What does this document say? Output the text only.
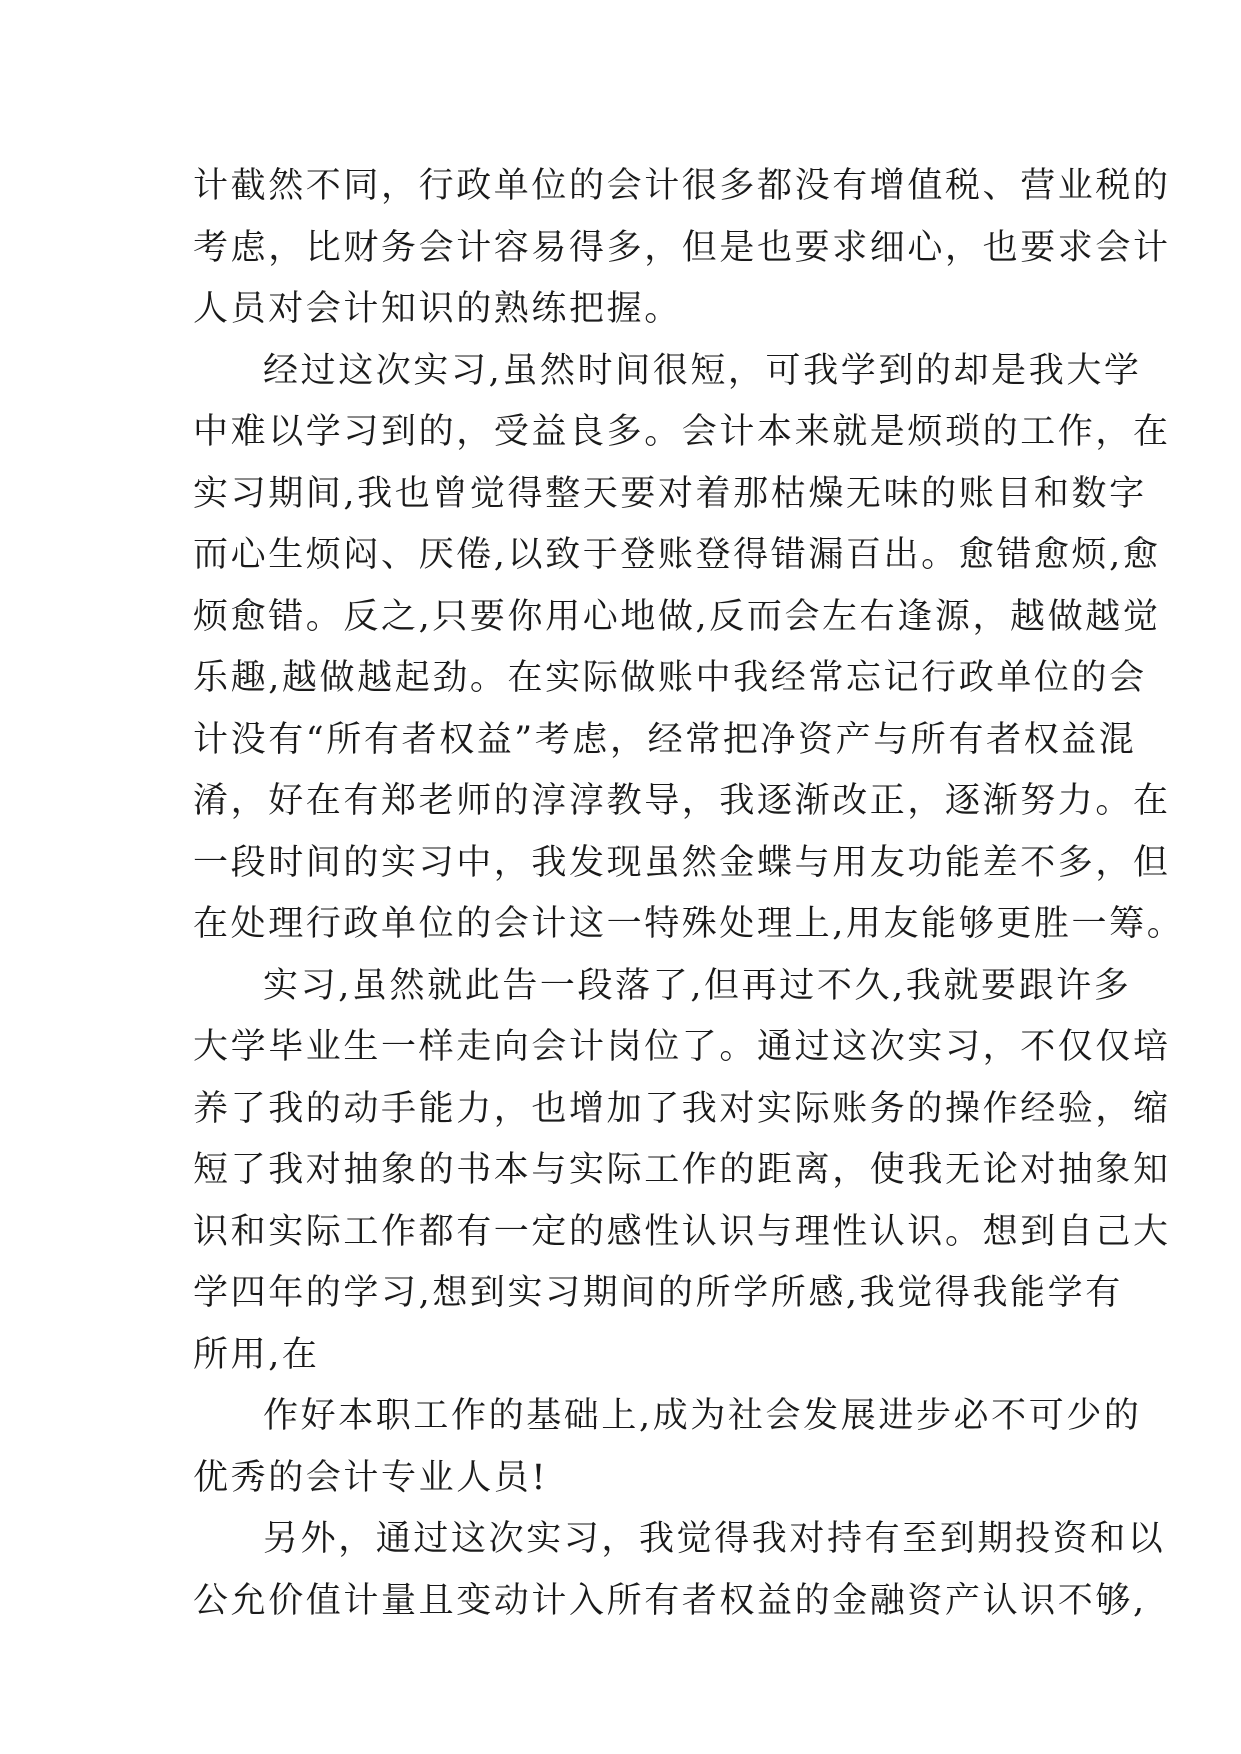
计截然不同，行政单位的会计很多都没有增值税、营业税的
考虑，比财务会计容易得多，但是也要求细心，也要求会计
人员对会计知识的熟练把握。
经过这次实习,虽然时间很短，可我学到的却是我大学
中难以学习到的，受益良多。会计本来就是烦琐的工作，在
实习期间,我也曾觉得整天要对着那枯燥无味的账目和数字
而心生烦闷、厌倦,以致于登账登得错漏百出。愈错愈烦,愈
烦愈错。反之,只要你用心地做,反而会左右逢源，越做越觉
乐趣,越做越起劲。在实际做账中我经常忘记行政单位的会
计没有“所有者权益”考虑，经常把净资产与所有者权益混
淆，好在有郑老师的淳淳教导，我逐渐改正，逐渐努力。在
一段时间的实习中，我发现虽然金蝶与用友功能差不多，但
在处理行政单位的会计这一特殊处理上,用友能够更胜一筹。
实习,虽然就此告一段落了,但再过不久,我就要跟许多
大学毕业生一样走向会计岗位了。通过这次实习，不仅仅培
养了我的动手能力，也增加了我对实际账务的操作经验，缩
短了我对抽象的书本与实际工作的距离，使我无论对抽象知
识和实际工作都有一定的感性认识与理性认识。想到自己大
学四年的学习,想到实习期间的所学所感,我觉得我能学有
所用,在
作好本职工作的基础上,成为社会发展进步必不可少的
优秀的会计专业人员!
另外，通过这次实习，我觉得我对持有至到期投资和以
公允价值计量且变动计入所有者权益的金融资产认识不够,
